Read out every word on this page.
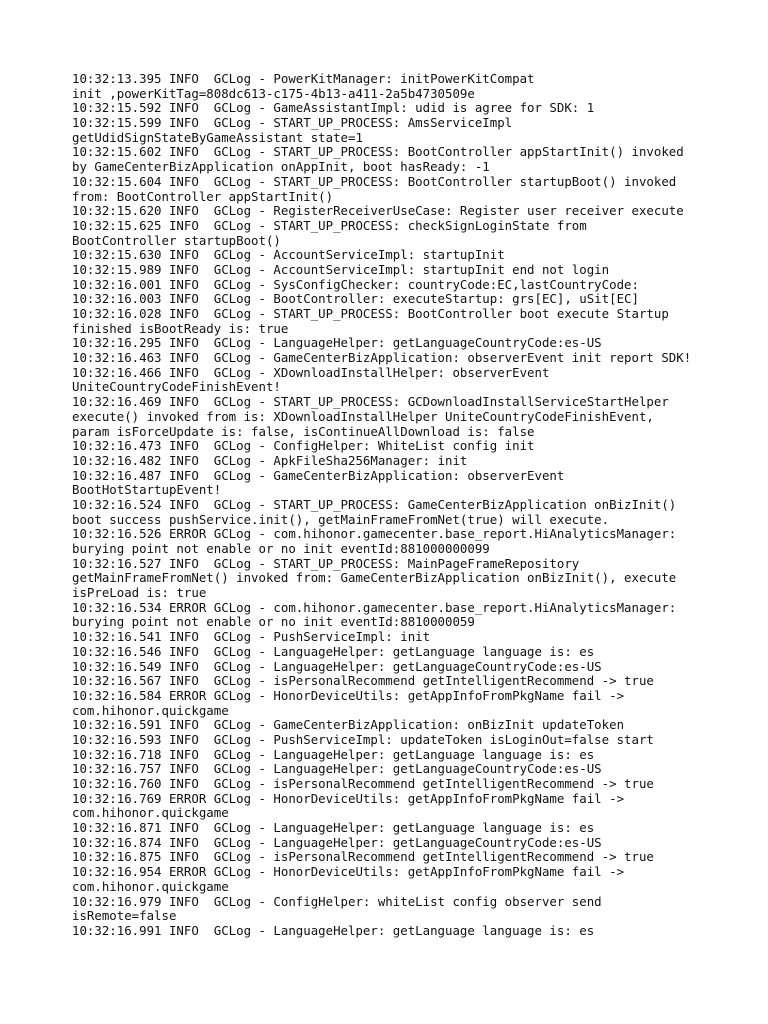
10:32:13.395 INFO  GCLog - PowerKitManager: initPowerKitCompat
init ,powerKitTag=808dc613-c175-4b13-a411-2a5b4730509e
10:32:15.592 INFO  GCLog - GameAssistantImpl: udid is agree for SDK: 1
10:32:15.599 INFO  GCLog - START_UP_PROCESS: AmsServiceImpl
getUdidSignStateByGameAssistant state=1
10:32:15.602 INFO  GCLog - START_UP_PROCESS: BootController appStartInit() invoked
by GameCenterBizApplication onAppInit, boot hasReady: -1
10:32:15.604 INFO  GCLog - START_UP_PROCESS: BootController startupBoot() invoked
from: BootController appStartInit()
10:32:15.620 INFO  GCLog - RegisterReceiverUseCase: Register user receiver execute
10:32:15.625 INFO  GCLog - START_UP_PROCESS: checkSignLoginState from
BootController startupBoot()
10:32:15.630 INFO  GCLog - AccountServiceImpl: startupInit
10:32:15.989 INFO  GCLog - AccountServiceImpl: startupInit end not login
10:32:16.001 INFO  GCLog - SysConfigChecker: countryCode:EC,lastCountryCode:
10:32:16.003 INFO  GCLog - BootController: executeStartup: grs[EC], uSit[EC]
10:32:16.028 INFO  GCLog - START_UP_PROCESS: BootController boot execute Startup
finished isBootReady is: true
10:32:16.295 INFO  GCLog - LanguageHelper: getLanguageCountryCode:es-US
10:32:16.463 INFO  GCLog - GameCenterBizApplication: observerEvent init report SDK!
10:32:16.466 INFO  GCLog - XDownloadInstallHelper: observerEvent
UniteCountryCodeFinishEvent!
10:32:16.469 INFO  GCLog - START_UP_PROCESS: GCDownloadInstallServiceStartHelper
execute() invoked from is: XDownloadInstallHelper UniteCountryCodeFinishEvent,
param isForceUpdate is: false, isContinueAllDownload is: false
10:32:16.473 INFO  GCLog - ConfigHelper: WhiteList config init
10:32:16.482 INFO  GCLog - ApkFileSha256Manager: init
10:32:16.487 INFO  GCLog - GameCenterBizApplication: observerEvent
BootHotStartupEvent!
10:32:16.524 INFO  GCLog - START_UP_PROCESS: GameCenterBizApplication onBizInit()
boot success pushService.init(), getMainFrameFromNet(true) will execute.
10:32:16.526 ERROR GCLog - com.hihonor.gamecenter.base_report.HiAnalyticsManager:
burying point not enable or no init eventId:881000000099
10:32:16.527 INFO  GCLog - START_UP_PROCESS: MainPageFrameRepository
getMainFrameFromNet() invoked from: GameCenterBizApplication onBizInit(), execute
isPreLoad is: true
10:32:16.534 ERROR GCLog - com.hihonor.gamecenter.base_report.HiAnalyticsManager:
burying point not enable or no init eventId:8810000059
10:32:16.541 INFO  GCLog - PushServiceImpl: init
10:32:16.546 INFO  GCLog - LanguageHelper: getLanguage language is: es
10:32:16.549 INFO  GCLog - LanguageHelper: getLanguageCountryCode:es-US
10:32:16.567 INFO  GCLog - isPersonalRecommend getIntelligentRecommend -> true
10:32:16.584 ERROR GCLog - HonorDeviceUtils: getAppInfoFromPkgName fail ->
com.hihonor.quickgame
10:32:16.591 INFO  GCLog - GameCenterBizApplication: onBizInit updateToken
10:32:16.593 INFO  GCLog - PushServiceImpl: updateToken isLoginOut=false start
10:32:16.718 INFO  GCLog - LanguageHelper: getLanguage language is: es
10:32:16.757 INFO  GCLog - LanguageHelper: getLanguageCountryCode:es-US
10:32:16.760 INFO  GCLog - isPersonalRecommend getIntelligentRecommend -> true
10:32:16.769 ERROR GCLog - HonorDeviceUtils: getAppInfoFromPkgName fail ->
com.hihonor.quickgame
10:32:16.871 INFO  GCLog - LanguageHelper: getLanguage language is: es
10:32:16.874 INFO  GCLog - LanguageHelper: getLanguageCountryCode:es-US
10:32:16.875 INFO  GCLog - isPersonalRecommend getIntelligentRecommend -> true
10:32:16.954 ERROR GCLog - HonorDeviceUtils: getAppInfoFromPkgName fail ->
com.hihonor.quickgame
10:32:16.979 INFO  GCLog - ConfigHelper: whiteList config observer send
isRemote=false
10:32:16.991 INFO  GCLog - LanguageHelper: getLanguage language is: es
